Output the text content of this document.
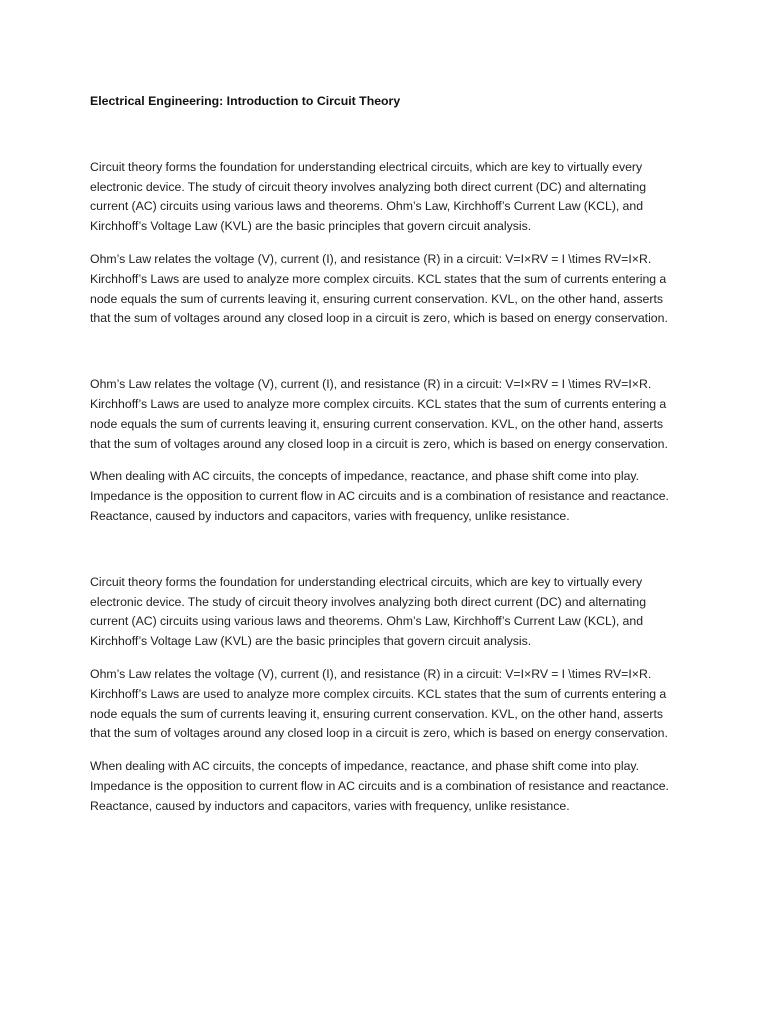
Electrical Engineering: Introduction to Circuit Theory

Circuit theory forms the foundation for understanding electrical circuits, which are key to virtually every electronic device. The study of circuit theory involves analyzing both direct current (DC) and alternating current (AC) circuits using various laws and theorems. Ohm’s Law, Kirchhoff’s Current Law (KCL), and Kirchhoff’s Voltage Law (KVL) are the basic principles that govern circuit analysis.

Ohm’s Law relates the voltage (V), current (I), and resistance (R) in a circuit: V=I×RV = I \times RV=I×R. Kirchhoff’s Laws are used to analyze more complex circuits. KCL states that the sum of currents entering a node equals the sum of currents leaving it, ensuring current conservation. KVL, on the other hand, asserts that the sum of voltages around any closed loop in a circuit is zero, which is based on energy conservation.

Ohm’s Law relates the voltage (V), current (I), and resistance (R) in a circuit: V=I×RV = I \times RV=I×R. Kirchhoff’s Laws are used to analyze more complex circuits. KCL states that the sum of currents entering a node equals the sum of currents leaving it, ensuring current conservation. KVL, on the other hand, asserts that the sum of voltages around any closed loop in a circuit is zero, which is based on energy conservation.

When dealing with AC circuits, the concepts of impedance, reactance, and phase shift come into play. Impedance is the opposition to current flow in AC circuits and is a combination of resistance and reactance. Reactance, caused by inductors and capacitors, varies with frequency, unlike resistance.

Circuit theory forms the foundation for understanding electrical circuits, which are key to virtually every electronic device. The study of circuit theory involves analyzing both direct current (DC) and alternating current (AC) circuits using various laws and theorems. Ohm’s Law, Kirchhoff’s Current Law (KCL), and Kirchhoff’s Voltage Law (KVL) are the basic principles that govern circuit analysis.

Ohm’s Law relates the voltage (V), current (I), and resistance (R) in a circuit: V=I×RV = I \times RV=I×R. Kirchhoff’s Laws are used to analyze more complex circuits. KCL states that the sum of currents entering a node equals the sum of currents leaving it, ensuring current conservation. KVL, on the other hand, asserts that the sum of voltages around any closed loop in a circuit is zero, which is based on energy conservation.

When dealing with AC circuits, the concepts of impedance, reactance, and phase shift come into play. Impedance is the opposition to current flow in AC circuits and is a combination of resistance and reactance. Reactance, caused by inductors and capacitors, varies with frequency, unlike resistance.
